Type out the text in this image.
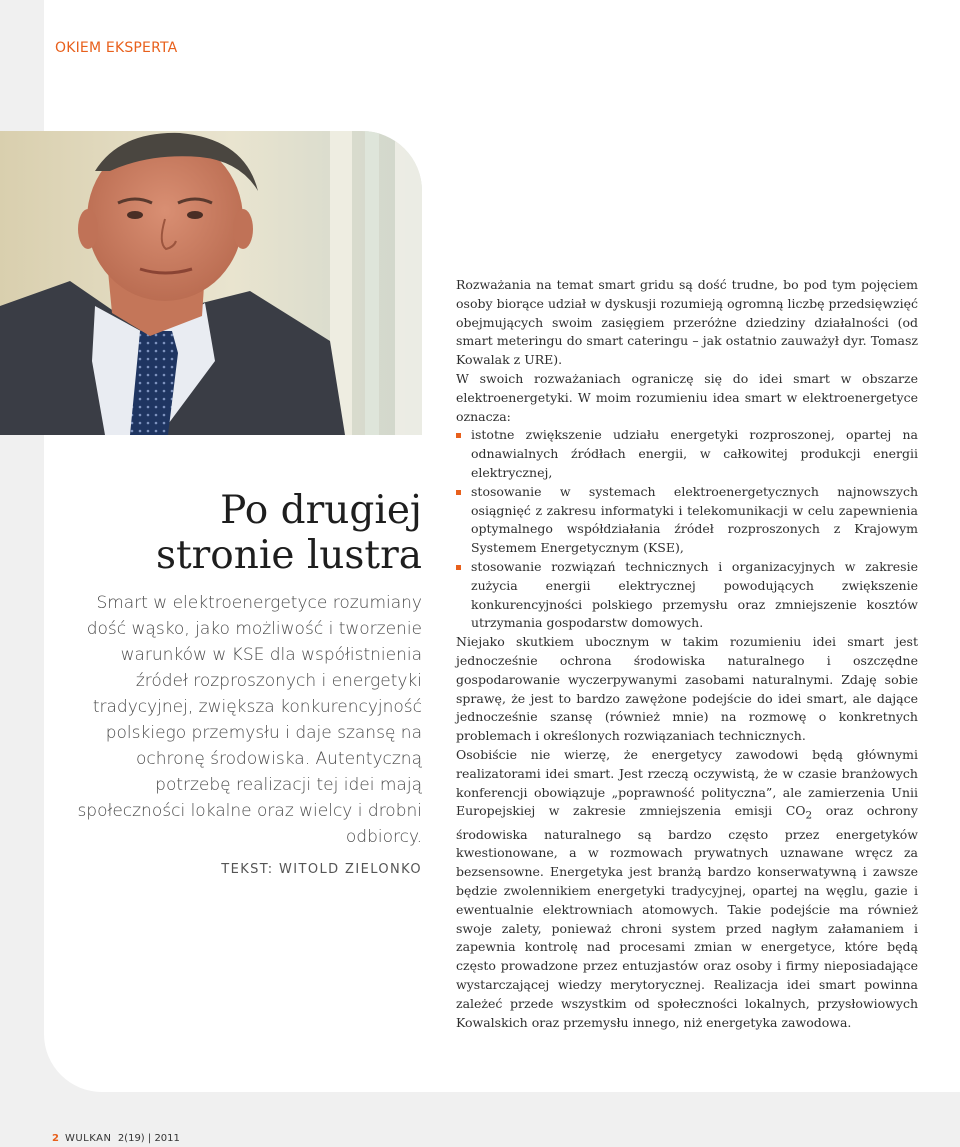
OKIEM EKSPERTA
Po drugiej
stronie lustra

Smart w elektroenergetyce rozumiany dość wąsko, jako możliwość i tworzenie warunków w KSE dla współistnienia źródeł rozproszonych i energetyki tradycyjnej, zwiększa konkurencyjność polskiego przemysłu i daje szansę na ochronę środowiska. Autentyczną potrzebę realizacji tej idei mają społeczności lokalne oraz wielcy i drobni odbiorcy.

TEKST: WITOLD ZIELONKO

Rozważania na temat smart gridu są dość trudne, bo pod tym pojęciem osoby biorące udział w dyskusji rozumieją ogromną liczbę przedsięwzięć obejmujących swoim zasięgiem przeróżne dziedziny działalności (od smart meteringu do smart cateringu – jak ostatnio zauważył dyr. Tomasz Kowalak z URE).

W swoich rozważaniach ograniczę się do idei smart w obszarze elektroenergetyki. W moim rozumieniu idea smart w elektroenergetyce oznacza:

istotne zwiększenie udziału energetyki rozproszonej, opartej na odnawialnych źródłach energii, w całkowitej produkcji energii elektrycznej,
stosowanie w systemach elektroenergetycznych najnowszych osiągnięć z zakresu informatyki i telekomunikacji w celu zapewnienia optymalnego współdziałania źródeł rozproszonych z Krajowym Systemem Energetycznym (KSE),
stosowanie rozwiązań technicznych i organizacyjnych w zakresie zużycia energii elektrycznej powodujących zwiększenie konkurencyjności polskiego przemysłu oraz zmniejszenie kosztów utrzymania gospodarstw domowych.

Niejako skutkiem ubocznym w takim rozumieniu idei smart jest jednocześnie ochrona środowiska naturalnego i oszczędne gospodarowanie wyczerpywanymi zasobami naturalnymi. Zdaję sobie sprawę, że jest to bardzo zawężone podejście do idei smart, ale dające jednocześnie szansę (również mnie) na rozmowę o konkretnych problemach i określonych rozwiązaniach technicznych.

Osobiście nie wierzę, że energetycy zawodowi będą głównymi realizatorami idei smart. Jest rzeczą oczywistą, że w czasie branżowych konferencji obowiązuje „poprawność polityczna”, ale zamierzenia Unii Europejskiej w zakresie zmniejszenia emisji $CO_2$ oraz ochrony środowiska naturalnego są bardzo często przez energetyków kwestionowane, a w rozmowach prywatnych uznawane wręcz za bezsensowne. Energetyka jest branżą bardzo konserwatywną i zawsze będzie zwolennikiem energetyki tradycyjnej, opartej na węglu, gazie i ewentualnie elektrowniach atomowych. Takie podejście ma również swoje zalety, ponieważ chroni system przed nagłym załamaniem i zapewnia kontrolę nad procesami zmian w energetyce, które będą często prowadzone przez entuzjastów oraz osoby i firmy nieposiadające wystarczającej wiedzy merytorycznej. Realizacja idei smart powinna zależeć przede wszystkim od społeczności lokalnych, przysłowiowych Kowalskich oraz przemysłu innego, niż energetyka zawodowa.

2 WULKAN 2(19) | 2011
